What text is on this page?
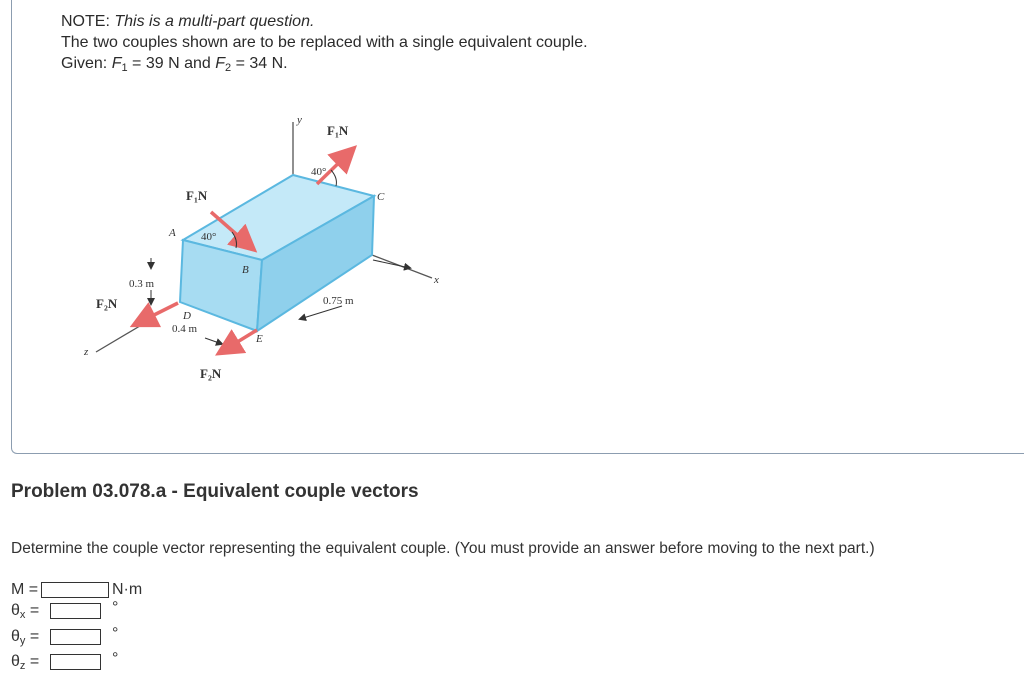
NOTE: This is a multi-part question.
The two couples shown are to be replaced with a single equivalent couple.
Given: $F_1 = 39$ N and $F_2 = 34$ N.
F₁N
F₁N
F₂N
F₂N
40°
40°
A
B
C
D
E
x
y
z
0.3 m
0.4 m
0.75 m
Problem 03.078.a - Equivalent couple vectors
Determine the couple vector representing the equivalent couple. (You must provide an answer before moving to the next part.)
M =	N·m
$\theta_x$ =	°
$\theta_y$ =	°
$\theta_z$ =	°
